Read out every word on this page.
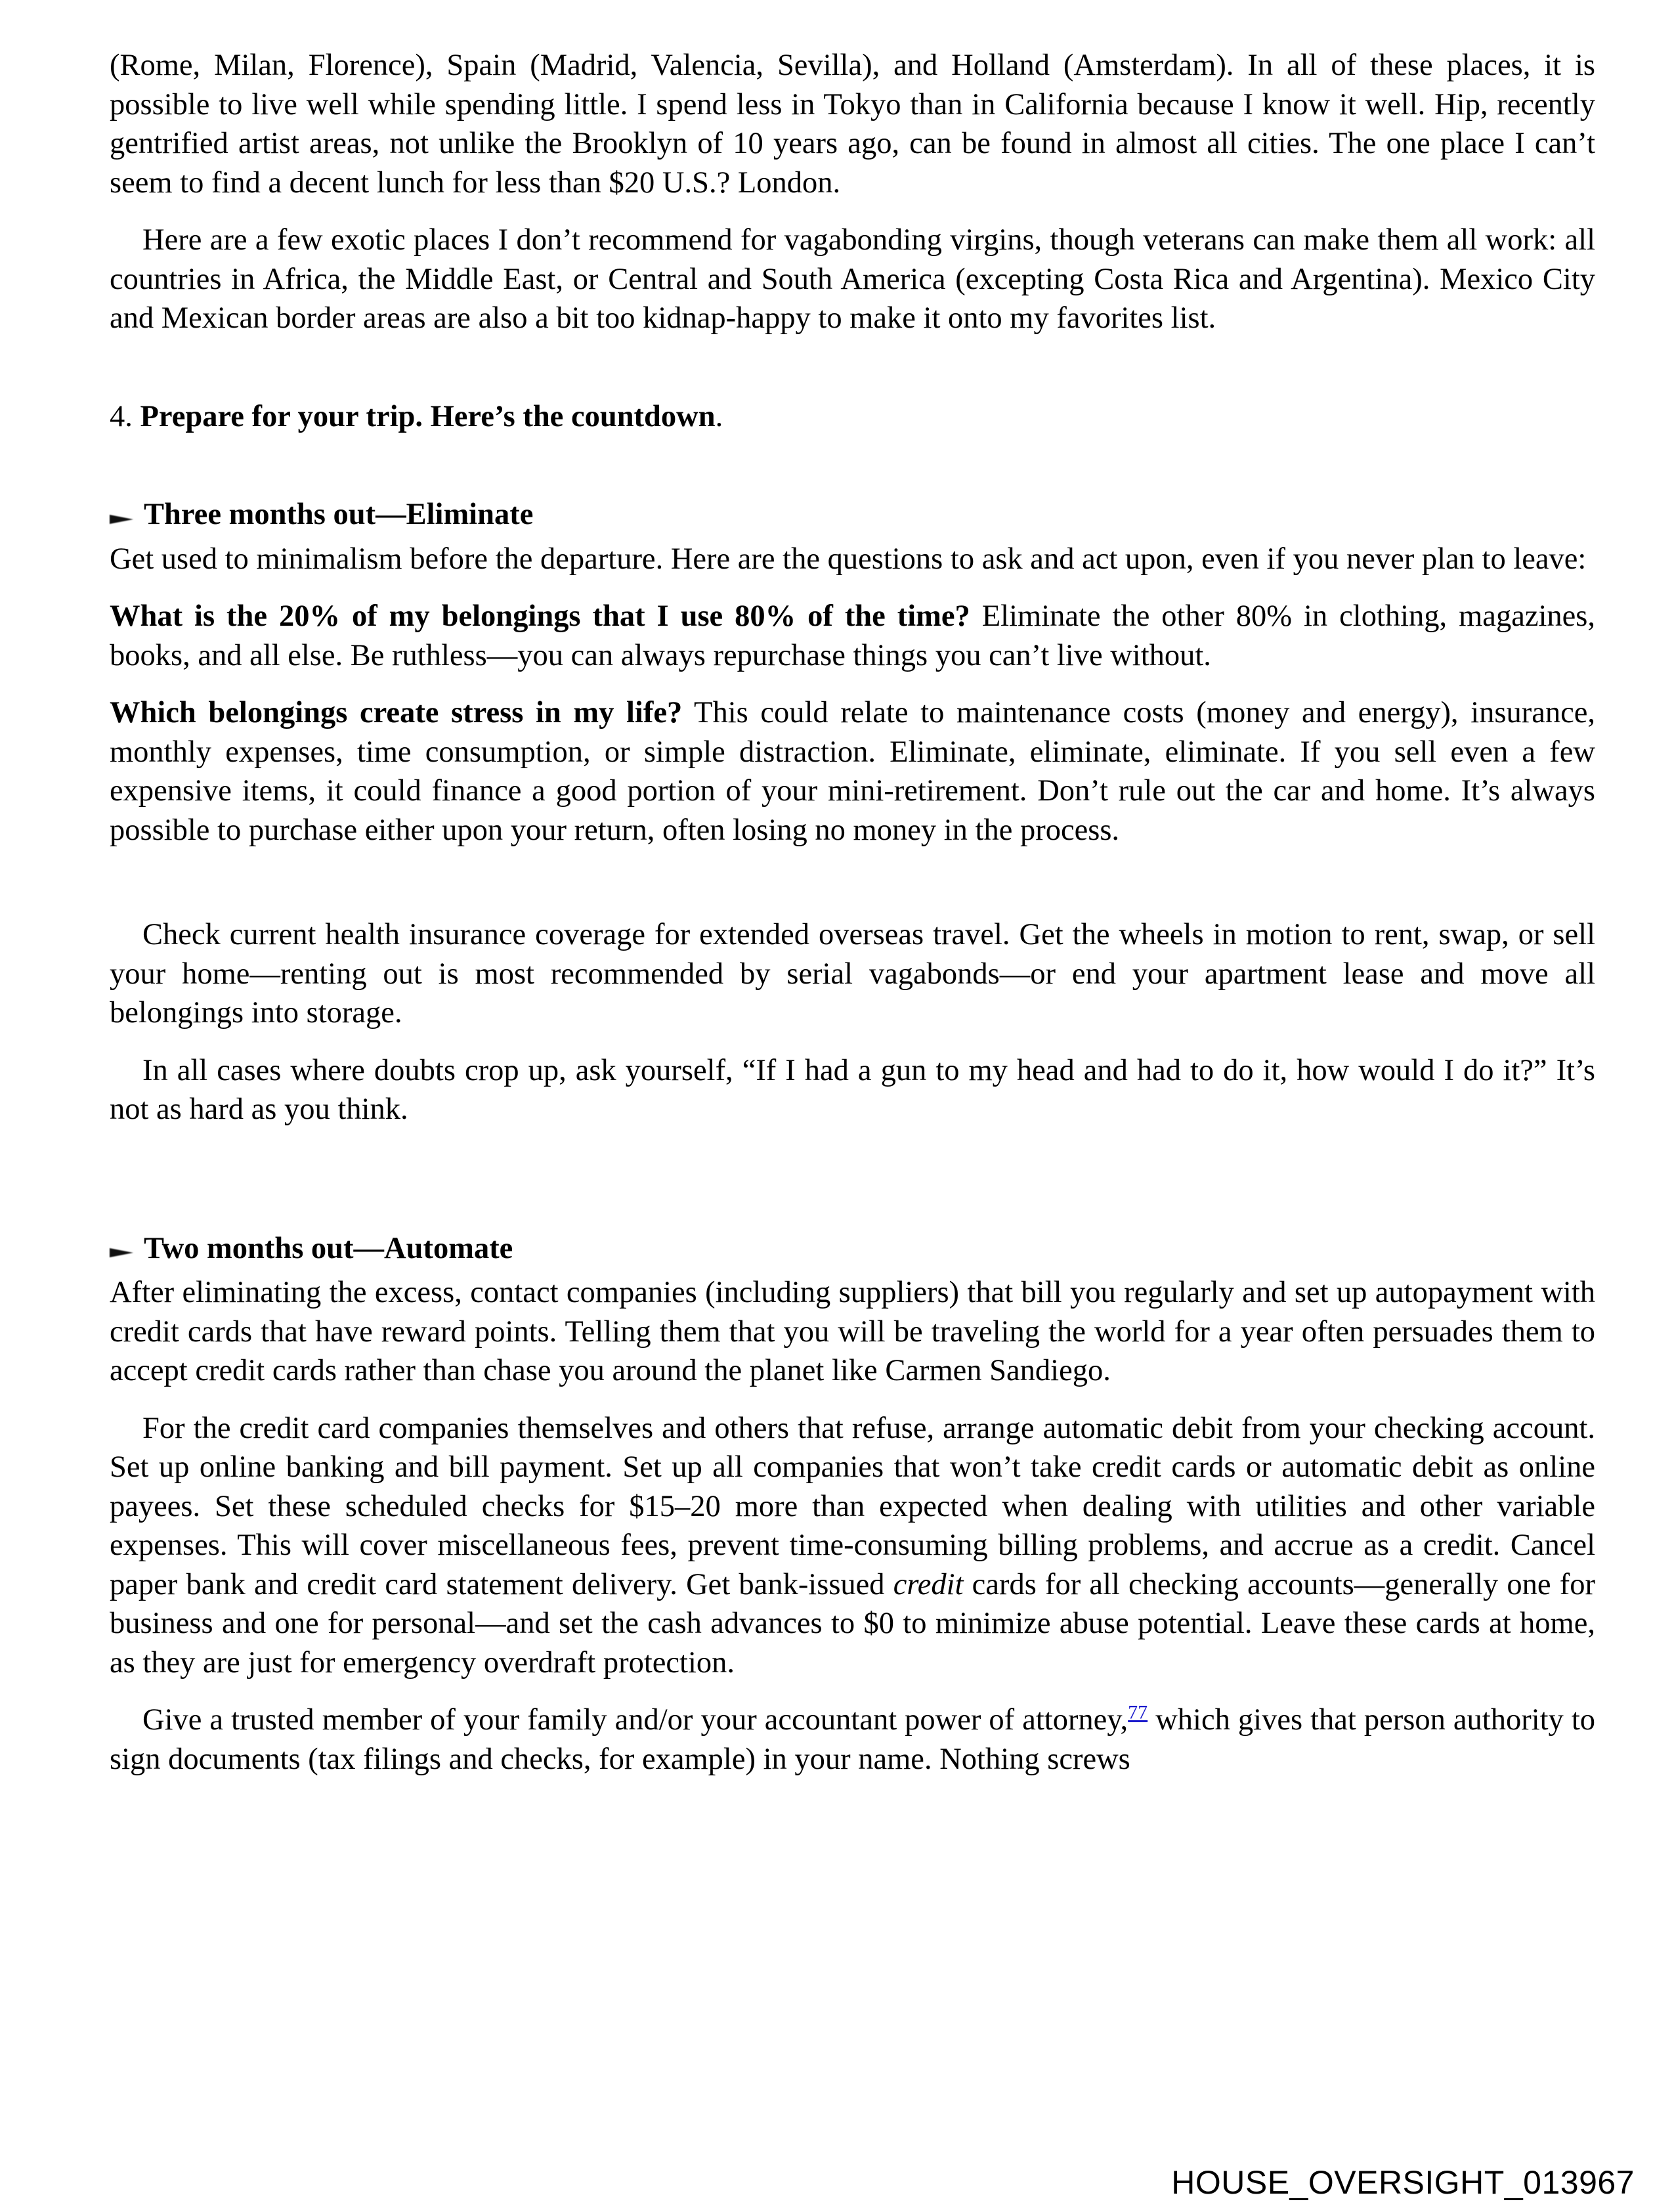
(Rome, Milan, Florence), Spain (Madrid, Valencia, Sevilla), and Holland (Amsterdam). In all of these places, it is possible to live well while spending little. I spend less in Tokyo than in California because I know it well. Hip, recently gentrified artist areas, not unlike the Brooklyn of 10 years ago, can be found in almost all cities. The one place I can’t seem to find a decent lunch for less than $20 U.S.? London.

Here are a few exotic places I don’t recommend for vagabonding virgins, though veterans can make them all work: all countries in Africa, the Middle East, or Central and South America (excepting Costa Rica and Argentina). Mexico City and Mexican border areas are also a bit too kidnap-happy to make it onto my favorites list.

4. Prepare for your trip. Here’s the countdown.

Three months out—Eliminate

Get used to minimalism before the departure. Here are the questions to ask and act upon, even if you never plan to leave:

What is the 20% of my belongings that I use 80% of the time? Eliminate the other 80% in clothing, magazines, books, and all else. Be ruthless—you can always repurchase things you can’t live without.

Which belongings create stress in my life? This could relate to maintenance costs (money and energy), insurance, monthly expenses, time consumption, or simple distraction. Eliminate, eliminate, eliminate. If you sell even a few expensive items, it could finance a good portion of your mini-retirement. Don’t rule out the car and home. It’s always possible to purchase either upon your return, often losing no money in the process.

Check current health insurance coverage for extended overseas travel. Get the wheels in motion to rent, swap, or sell your home—renting out is most recommended by serial vagabonds—or end your apartment lease and move all belongings into storage.

In all cases where doubts crop up, ask yourself, “If I had a gun to my head and had to do it, how would I do it?” It’s not as hard as you think.

Two months out—Automate

After eliminating the excess, contact companies (including suppliers) that bill you regularly and set up autopayment with credit cards that have reward points. Telling them that you will be traveling the world for a year often persuades them to accept credit cards rather than chase you around the planet like Carmen Sandiego.

For the credit card companies themselves and others that refuse, arrange automatic debit from your checking account. Set up online banking and bill payment. Set up all companies that won’t take credit cards or automatic debit as online payees. Set these scheduled checks for $15–20 more than expected when dealing with utilities and other variable expenses. This will cover miscellaneous fees, prevent time-consuming billing problems, and accrue as a credit. Cancel paper bank and credit card statement delivery. Get bank-issued credit cards for all checking accounts—generally one for business and one for personal—and set the cash advances to $0 to minimize abuse potential. Leave these cards at home, as they are just for emergency overdraft protection.

Give a trusted member of your family and/or your accountant power of attorney,$^{77}$ which gives that person authority to sign documents (tax filings and checks, for example) in your name. Nothing screws

HOUSE_OVERSIGHT_013967
